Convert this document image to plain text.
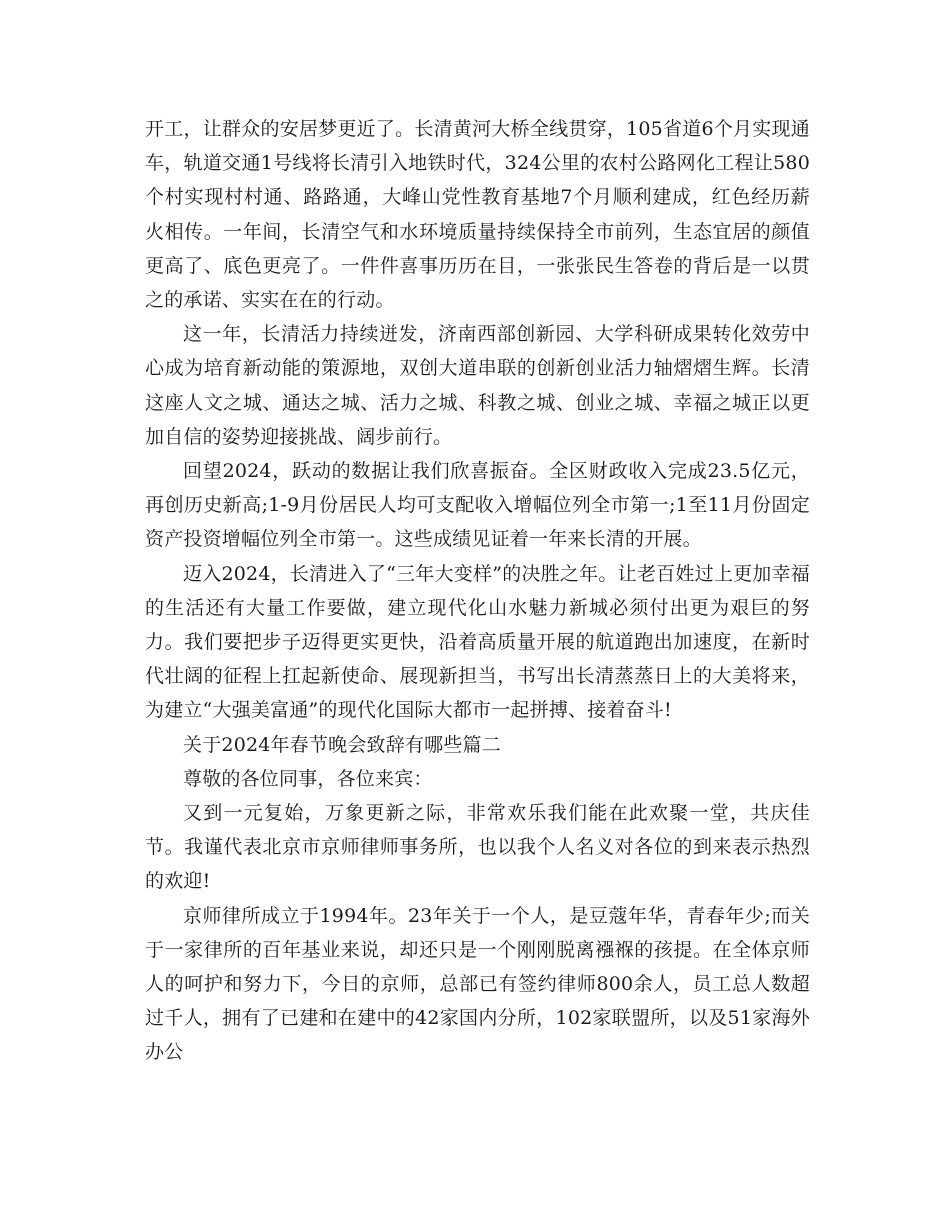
开工，让群众的安居梦更近了。长清黄河大桥全线贯穿，105省道6个月实现通车，轨道交通1号线将长清引入地铁时代，324公里的农村公路网化工程让580个村实现村村通、路路通，大峰山党性教育基地7个月顺利建成，红色经历薪火相传。一年间，长清空气和水环境质量持续保持全市前列，生态宜居的颜值更高了、底色更亮了。一件件喜事历历在目，一张张民生答卷的背后是一以贯之的承诺、实实在在的行动。

这一年，长清活力持续迸发，济南西部创新园、大学科研成果转化效劳中心成为培育新动能的策源地，双创大道串联的创新创业活力轴熠熠生辉。长清这座人文之城、通达之城、活力之城、科教之城、创业之城、幸福之城正以更加自信的姿势迎接挑战、阔步前行。

回望2024，跃动的数据让我们欣喜振奋。全区财政收入完成23.5亿元，再创历史新高;1-9月份居民人均可支配收入增幅位列全市第一;1至11月份固定资产投资增幅位列全市第一。这些成绩见证着一年来长清的开展。

迈入2024，长清进入了“三年大变样”的决胜之年。让老百姓过上更加幸福的生活还有大量工作要做，建立现代化山水魅力新城必须付出更为艰巨的努力。我们要把步子迈得更实更快，沿着高质量开展的航道跑出加速度，在新时代壮阔的征程上扛起新使命、展现新担当，书写出长清蒸蒸日上的大美将来，为建立“大强美富通”的现代化国际大都市一起拼搏、接着奋斗!

关于2024年春节晚会致辞有哪些篇二

尊敬的各位同事，各位来宾：

又到一元复始，万象更新之际，非常欢乐我们能在此欢聚一堂，共庆佳节。我谨代表北京市京师律师事务所，也以我个人名义对各位的到来表示热烈的欢迎!

京师律所成立于1994年。23年关于一个人，是豆蔻年华，青春年少;而关于一家律所的百年基业来说，却还只是一个刚刚脱离襁褓的孩提。在全体京师人的呵护和努力下，今日的京师，总部已有签约律师800余人，员工总人数超过千人，拥有了已建和在建中的42家国内分所，102家联盟所，以及51家海外办公
